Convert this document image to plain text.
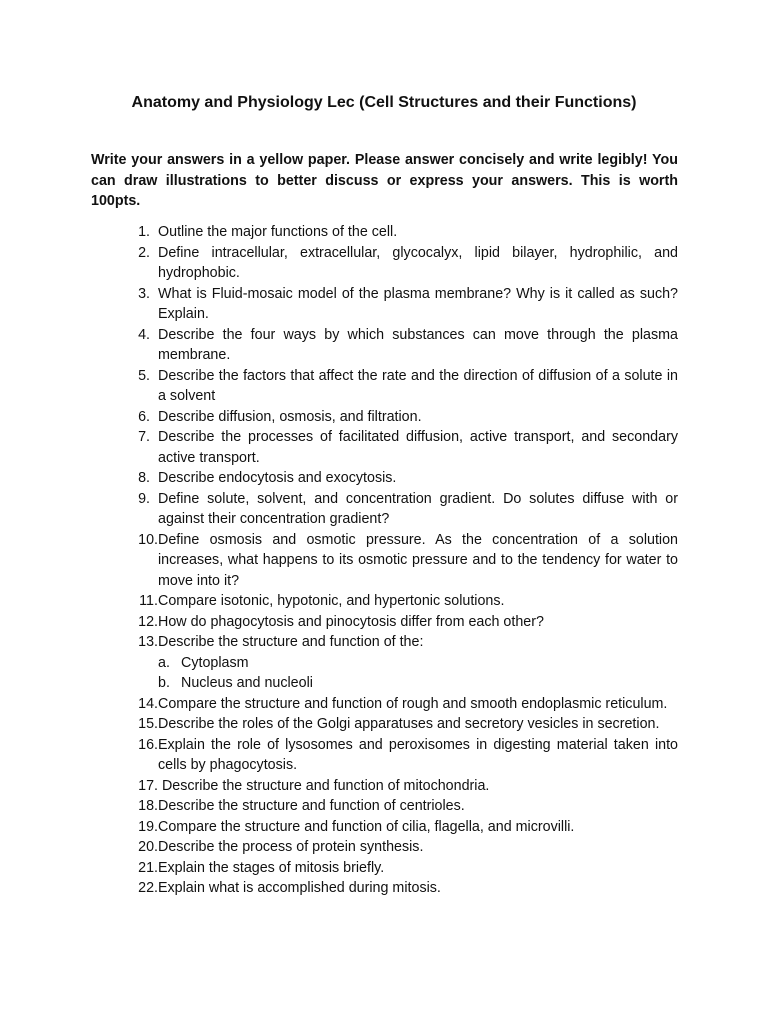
Anatomy and Physiology Lec (Cell Structures and their Functions)
Write your answers in a yellow paper. Please answer concisely and write legibly! You can draw illustrations to better discuss or express your answers. This is worth 100pts.
1. Outline the major functions of the cell.
2. Define intracellular, extracellular, glycocalyx, lipid bilayer, hydrophilic, and hydrophobic.
3. What is Fluid-mosaic model of the plasma membrane? Why is it called as such?Explain.
4. Describe the four ways by which substances can move through the plasma membrane.
5. Describe the factors that affect the rate and the direction of diffusion of a solute in a solvent
6. Describe diffusion, osmosis, and filtration.
7. Describe the processes of facilitated diffusion, active transport, and secondary active transport.
8. Describe endocytosis and exocytosis.
9. Define solute, solvent, and concentration gradient. Do solutes diffuse with or against their concentration gradient?
10. Define osmosis and osmotic pressure. As the concentration of a solution increases, what happens to its osmotic pressure and to the tendency for water to move into it?
11. Compare isotonic, hypotonic, and hypertonic solutions.
12. How do phagocytosis and pinocytosis differ from each other?
13. Describe the structure and function of the:
a. Cytoplasm
b. Nucleus and nucleoli
14. Compare the structure and function of rough and smooth endoplasmic reticulum.
15. Describe the roles of the Golgi apparatuses and secretory vesicles in secretion.
16. Explain the role of lysosomes and peroxisomes in digesting material taken into cells by phagocytosis.
17. Describe the structure and function of mitochondria.
18. Describe the structure and function of centrioles.
19. Compare the structure and function of cilia, flagella, and microvilli.
20. Describe the process of protein synthesis.
21. Explain the stages of mitosis briefly.
22. Explain what is accomplished during mitosis.
